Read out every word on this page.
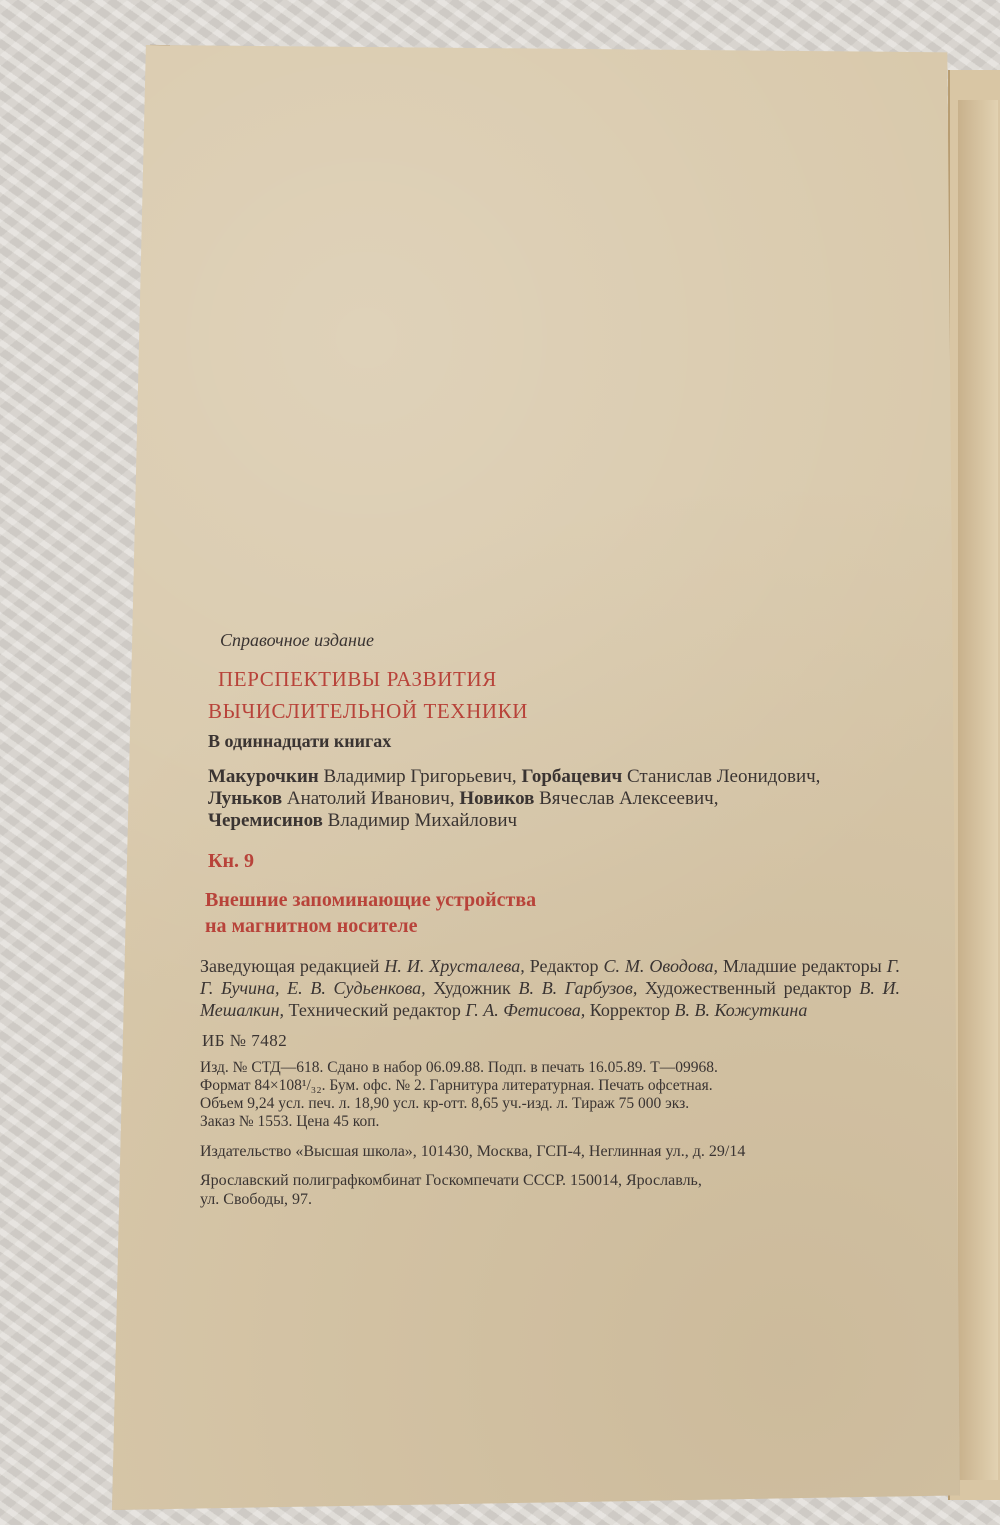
Справочное издание
ПЕРСПЕКТИВЫ РАЗВИТИЯ
ВЫЧИСЛИТЕЛЬНОЙ ТЕХНИКИ
В одиннадцати книгах
Макурочкин Владимир Григорьевич, Горбацевич Станислав Леонидович,
Луньков Анатолий Иванович, Новиков Вячеслав Алексеевич,
Черемисинов Владимир Михайлович
Кн. 9
Внешние запоминающие устройства
на магнитном носителе
Заведующая редакцией Н. И. Хрусталева, Редактор С. М. Оводова, Младшие редакторы Г. Г. Бучина, Е. В. Судьенкова, Художник В. В. Гарбузов, Художественный редактор В. И. Мешалкин, Технический редактор Г. А. Фетисова, Корректор В. В. Кожуткина
ИБ № 7482
Изд. № СТД—618. Сдано в набор 06.09.88. Подп. в печать 16.05.89. Т—09968.
Формат 84×108¹/₃₂. Бум. офс. № 2. Гарнитура литературная. Печать офсетная.
Объем 9,24 усл. печ. л. 18,90 усл. кр-отт. 8,65 уч.-изд. л. Тираж 75 000 экз.
Заказ № 1553. Цена 45 коп.
Издательство «Высшая школа», 101430, Москва, ГСП-4, Неглинная ул., д. 29/14
Ярославский полиграфкомбинат Госкомпечати СССР. 150014, Ярославль,
ул. Свободы, 97.
